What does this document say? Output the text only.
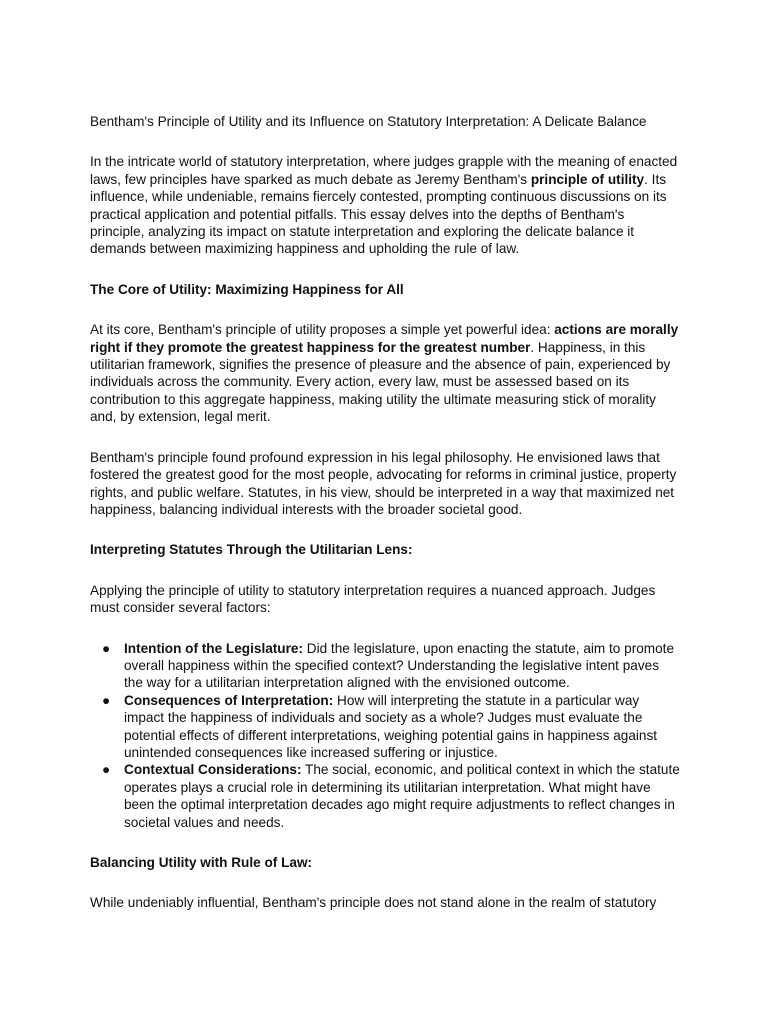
Bentham's Principle of Utility and its Influence on Statutory Interpretation: A Delicate Balance

In the intricate world of statutory interpretation, where judges grapple with the meaning of enacted laws, few principles have sparked as much debate as Jeremy Bentham's principle of utility. Its influence, while undeniable, remains fiercely contested, prompting continuous discussions on its practical application and potential pitfalls. This essay delves into the depths of Bentham's principle, analyzing its impact on statute interpretation and exploring the delicate balance it demands between maximizing happiness and upholding the rule of law.

The Core of Utility: Maximizing Happiness for All

At its core, Bentham's principle of utility proposes a simple yet powerful idea: actions are morally right if they promote the greatest happiness for the greatest number. Happiness, in this utilitarian framework, signifies the presence of pleasure and the absence of pain, experienced by individuals across the community. Every action, every law, must be assessed based on its contribution to this aggregate happiness, making utility the ultimate measuring stick of morality and, by extension, legal merit.

Bentham's principle found profound expression in his legal philosophy. He envisioned laws that fostered the greatest good for the most people, advocating for reforms in criminal justice, property rights, and public welfare. Statutes, in his view, should be interpreted in a way that maximized net happiness, balancing individual interests with the broader societal good.

Interpreting Statutes Through the Utilitarian Lens:

Applying the principle of utility to statutory interpretation requires a nuanced approach. Judges must consider several factors:

● Intention of the Legislature: Did the legislature, upon enacting the statute, aim to promote overall happiness within the specified context? Understanding the legislative intent paves the way for a utilitarian interpretation aligned with the envisioned outcome.
● Consequences of Interpretation: How will interpreting the statute in a particular way impact the happiness of individuals and society as a whole? Judges must evaluate the potential effects of different interpretations, weighing potential gains in happiness against unintended consequences like increased suffering or injustice.
● Contextual Considerations: The social, economic, and political context in which the statute operates plays a crucial role in determining its utilitarian interpretation. What might have been the optimal interpretation decades ago might require adjustments to reflect changes in societal values and needs.

Balancing Utility with Rule of Law:

While undeniably influential, Bentham's principle does not stand alone in the realm of statutory
